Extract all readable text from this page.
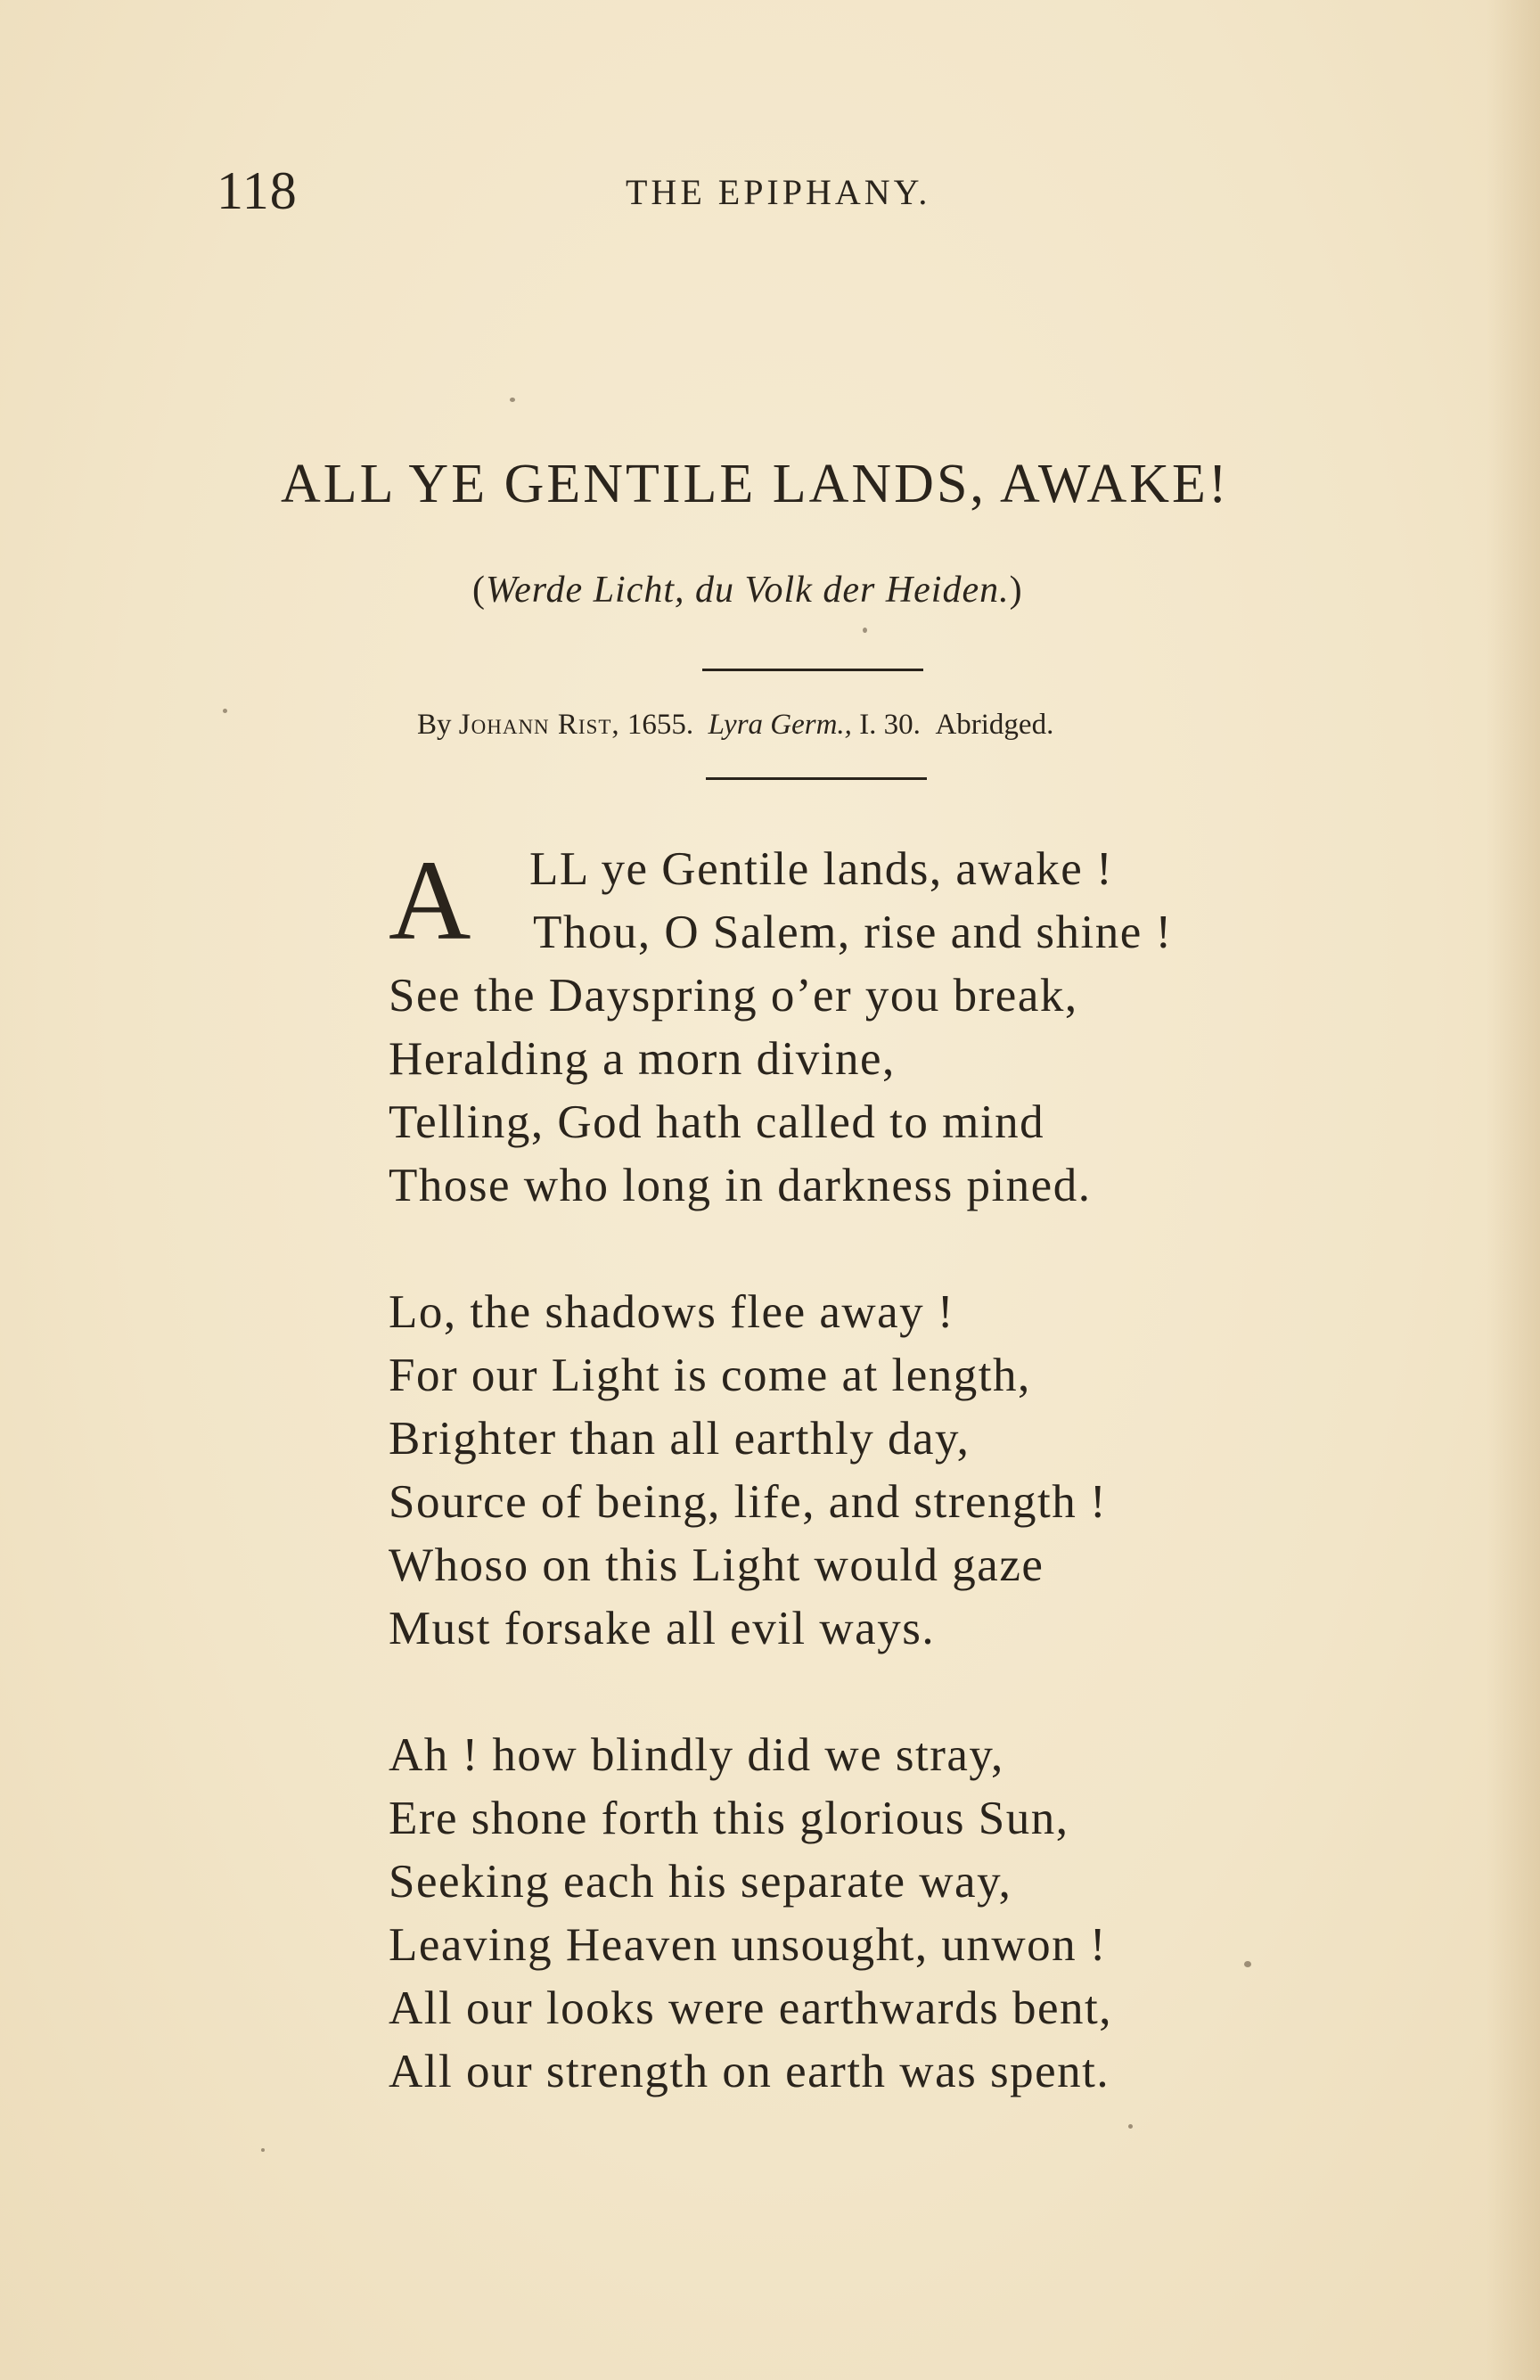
118	THE EPIPHANY.
ALL YE GENTILE LANDS, AWAKE!
(Werde Licht, du Volk der Heiden.)
By Johann Rist, 1655. Lyra Germ., I. 30. Abridged.
A	LL ye Gentile lands, awake !
Thou, O Salem, rise and shine !
See the Dayspring o’er you break,
Heralding a morn divine,
Telling, God hath called to mind
Those who long in darkness pined.
Lo, the shadows flee away !
For our Light is come at length,
Brighter than all earthly day,
Source of being, life, and strength !
Whoso on this Light would gaze
Must forsake all evil ways.
Ah ! how blindly did we stray,
Ere shone forth this glorious Sun,
Seeking each his separate way,
Leaving Heaven unsought, unwon !
All our looks were earthwards bent,
All our strength on earth was spent.
